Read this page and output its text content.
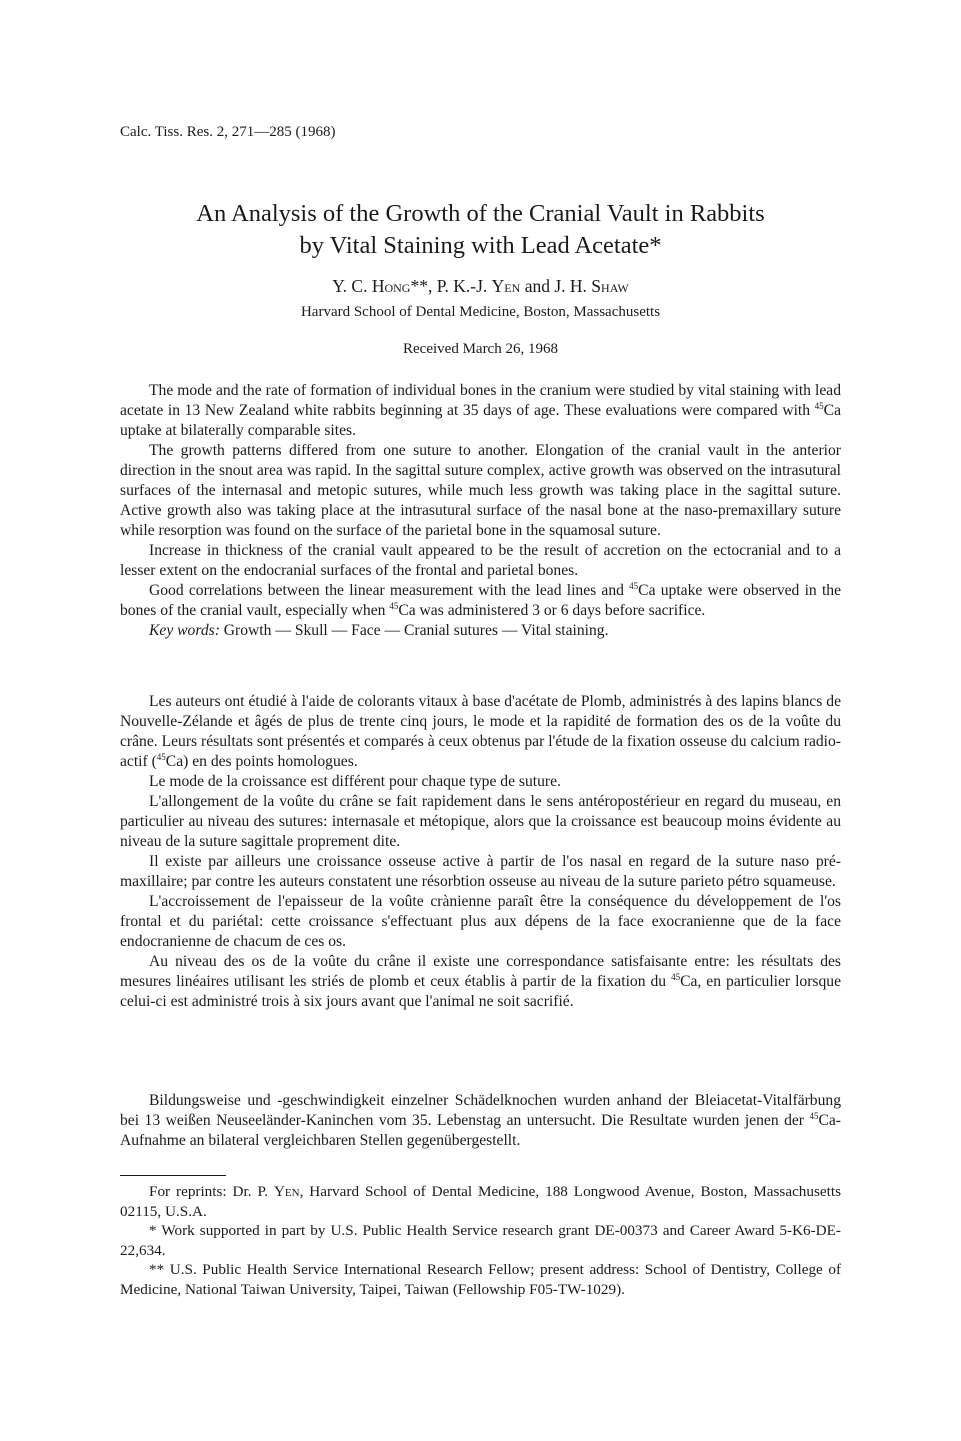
Calc. Tiss. Res. 2, 271—285 (1968)
An Analysis of the Growth of the Cranial Vault in Rabbits
by Vital Staining with Lead Acetate*
Y. C. Hong**, P. K.-J. Yen and J. H. Shaw
Harvard School of Dental Medicine, Boston, Massachusetts
Received March 26, 1968

The mode and the rate of formation of individual bones in the cranium were studied by vital staining with lead acetate in 13 New Zealand white rabbits beginning at 35 days of age. These evaluations were compared with $^{45}$Ca uptake at bilaterally comparable sites.

The growth patterns differed from one suture to another. Elongation of the cranial vault in the anterior direction in the snout area was rapid. In the sagittal suture complex, active growth was observed on the intrasutural surfaces of the internasal and metopic sutures, while much less growth was taking place in the sagittal suture. Active growth also was taking place at the intrasutural surface of the nasal bone at the naso-premaxillary suture while resorption was found on the surface of the parietal bone in the squamosal suture.

Increase in thickness of the cranial vault appeared to be the result of accretion on the ectocranial and to a lesser extent on the endocranial surfaces of the frontal and parietal bones.

Good correlations between the linear measurement with the lead lines and $^{45}$Ca uptake were observed in the bones of the cranial vault, especially when $^{45}$Ca was administered 3 or 6 days before sacrifice.

Key words: Growth — Skull — Face — Cranial sutures — Vital staining.

Les auteurs ont étudié à l'aide de colorants vitaux à base d'acétate de Plomb, administrés à des lapins blancs de Nouvelle-Zélande et âgés de plus de trente cinq jours, le mode et la rapidité de formation des os de la voûte du crâne. Leurs résultats sont présentés et comparés à ceux obtenus par l'étude de la fixation osseuse du calcium radio-actif ($^{45}$Ca) en des points homologues.

Le mode de la croissance est différent pour chaque type de suture.

L'allongement de la voûte du crâne se fait rapidement dans le sens antéropostérieur en regard du museau, en particulier au niveau des sutures: internasale et métopique, alors que la croissance est beaucoup moins évidente au niveau de la suture sagittale proprement dite.

Il existe par ailleurs une croissance osseuse active à partir de l'os nasal en regard de la suture naso pré-maxillaire; par contre les auteurs constatent une résorbtion osseuse au niveau de la suture parieto pétro squameuse.

L'accroissement de l'epaisseur de la voûte crànienne paraît être la conséquence du développement de l'os frontal et du pariétal: cette croissance s'effectuant plus aux dépens de la face exocranienne que de la face endocranienne de chacum de ces os.

Au niveau des os de la voûte du crâne il existe une correspondance satisfaisante entre: les résultats des mesures linéaires utilisant les striés de plomb et ceux établis à partir de la fixation du $^{45}$Ca, en particulier lorsque celui-ci est administré trois à six jours avant que l'animal ne soit sacrifié.

Bildungsweise und -geschwindigkeit einzelner Schädelknochen wurden anhand der Bleiacetat-Vitalfärbung bei 13 weißen Neuseeländer-Kaninchen vom 35. Lebenstag an untersucht. Die Resultate wurden jenen der $^{45}$Ca-Aufnahme an bilateral vergleichbaren Stellen gegenübergestellt.

For reprints: Dr. P. Yen, Harvard School of Dental Medicine, 188 Longwood Avenue, Boston, Massachusetts 02115, U.S.A.

* Work supported in part by U.S. Public Health Service research grant DE-00373 and Career Award 5-K6-DE-22,634.

** U.S. Public Health Service International Research Fellow; present address: School of Dentistry, College of Medicine, National Taiwan University, Taipei, Taiwan (Fellowship F05-TW-1029).
